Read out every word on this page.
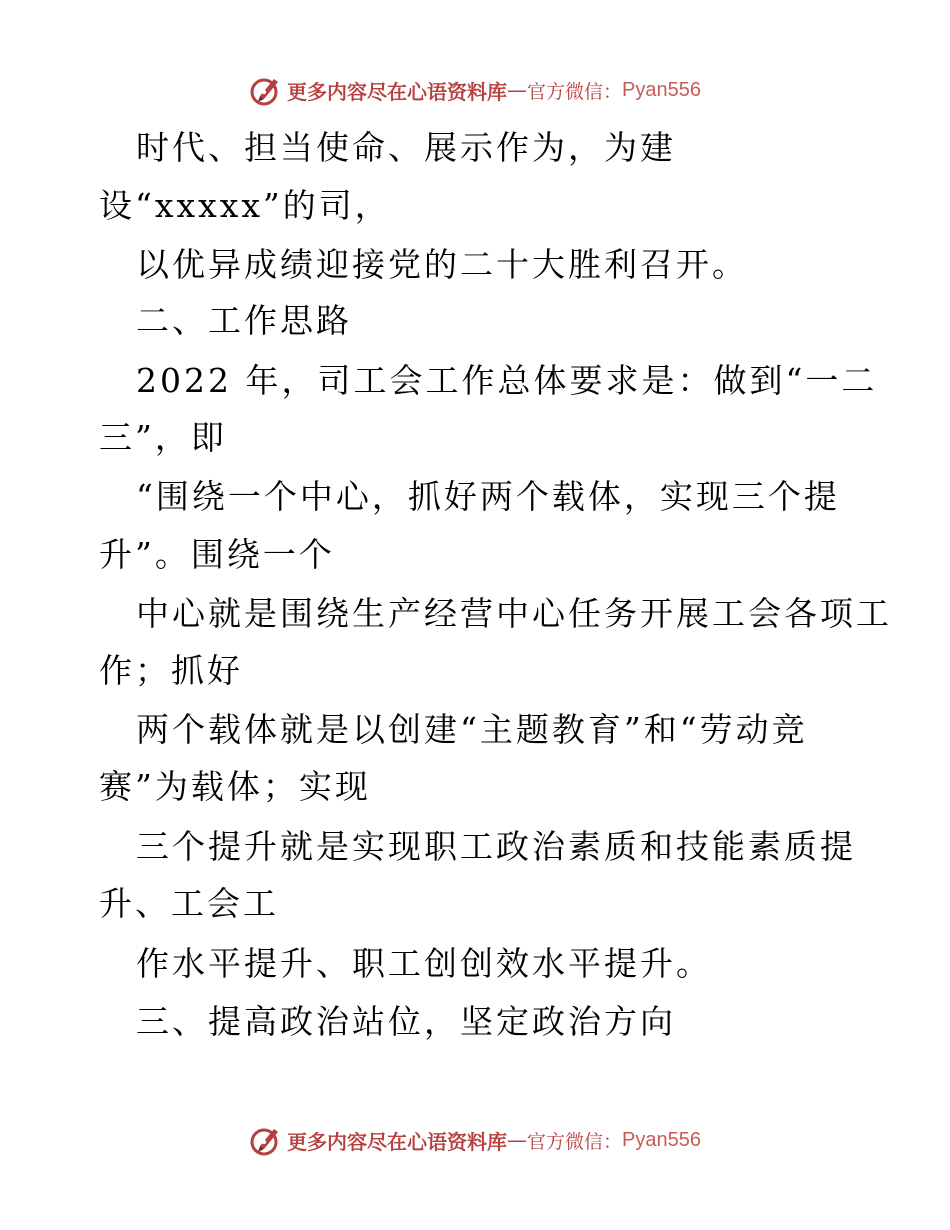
更多内容尽在心语资料库 — 官方微信： Pyan556
时代、担当使命、展示作为，为建
设“xxxxx”的司，
以优异成绩迎接党的二十大胜利召开。
二、工作思路
2022 年，司工会工作总体要求是：做到“一二
三”，即
“围绕一个中心，抓好两个载体，实现三个提
升”。围绕一个
中心就是围绕生产经营中心任务开展工会各项工
作；抓好
两个载体就是以创建“主题教育”和“劳动竞
赛”为载体；实现
三个提升就是实现职工政治素质和技能素质提
升、工会工
作水平提升、职工创创效水平提升。
三、提高政治站位，坚定政治方向
更多内容尽在心语资料库 — 官方微信： Pyan556
